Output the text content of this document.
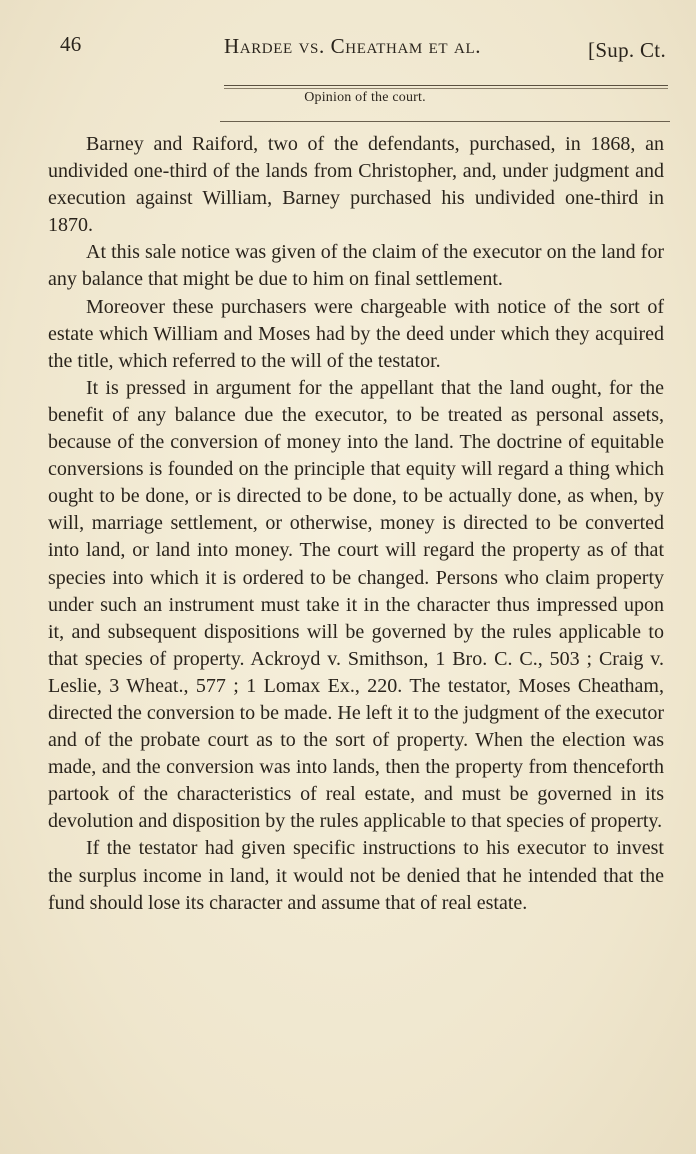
46	Hardee vs. Cheatham et al.	[Sup. Ct.
Opinion of the court.

Barney and Raiford, two of the defendants, purchased, in 1868, an undivided one-third of the lands from Christopher, and, under judgment and execution against William, Barney purchased his undivided one-third in 1870.

At this sale notice was given of the claim of the executor on the land for any balance that might be due to him on final settlement.

Moreover these purchasers were chargeable with notice of the sort of estate which William and Moses had by the deed under which they acquired the title, which referred to the will of the testator.

It is pressed in argument for the appellant that the land ought, for the benefit of any balance due the executor, to be treated as personal assets, because of the conversion of money into the land. The doctrine of equitable conversions is founded on the principle that equity will regard a thing which ought to be done, or is directed to be done, to be actually done, as when, by will, marriage settlement, or otherwise, money is directed to be converted into land, or land into money. The court will regard the property as of that species into which it is ordered to be changed. Persons who claim property under such an instrument must take it in the character thus impressed upon it, and subsequent dispositions will be governed by the rules applicable to that species of property. Ackroyd v. Smithson, 1 Bro. C. C., 503 ; Craig v. Leslie, 3 Wheat., 577 ; 1 Lomax Ex., 220. The testator, Moses Cheatham, directed the conversion to be made. He left it to the judgment of the executor and of the probate court as to the sort of property. When the election was made, and the conversion was into lands, then the property from thenceforth partook of the characteristics of real estate, and must be governed in its devolution and disposition by the rules applicable to that species of property.

If the testator had given specific instructions to his executor to invest the surplus income in land, it would not be denied that he intended that the fund should lose its character and assume that of real estate.
